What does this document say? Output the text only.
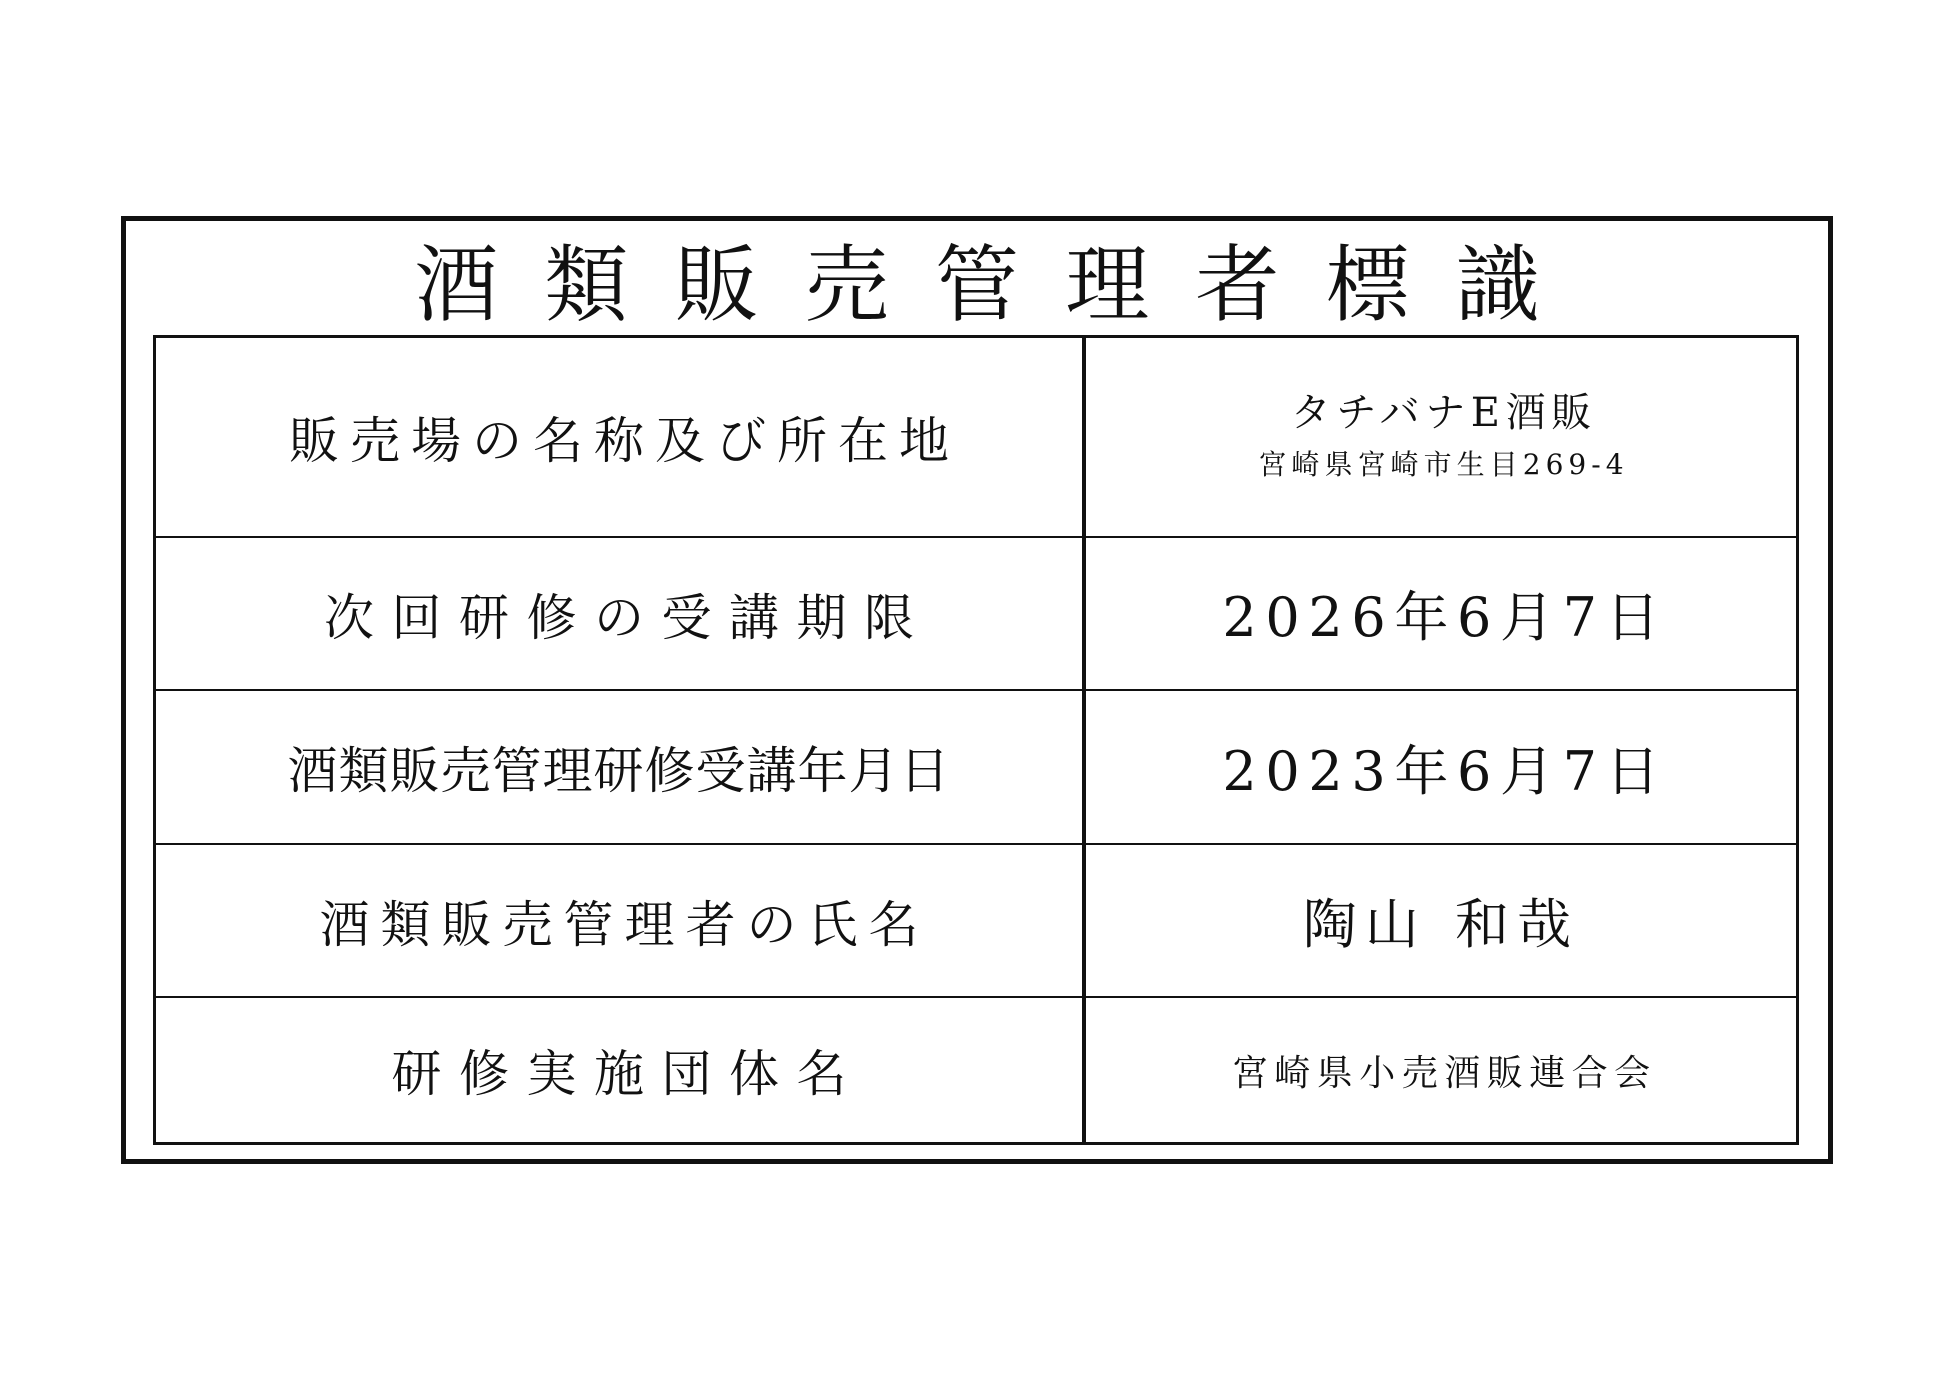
酒類販売管理者標識
販売場の名称及び所在地	タチバナE酒販
宮崎県宮崎市生目269-4
次回研修の受講期限	2026年6月7日
酒類販売管理研修受講年月日	2023年6月7日
酒類販売管理者の氏名	陶山 和哉
研修実施団体名	宮崎県小売酒販連合会
